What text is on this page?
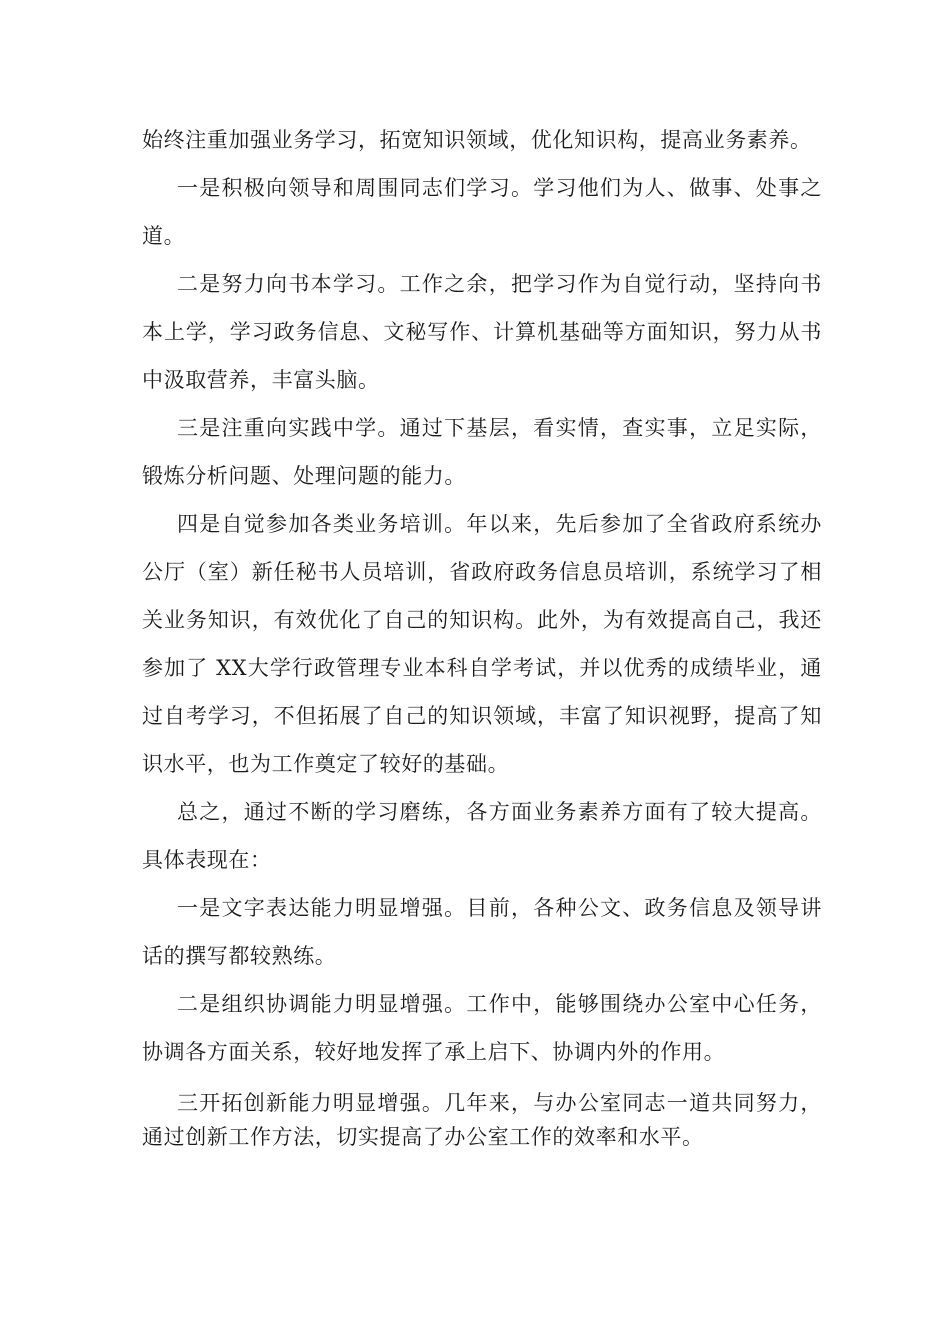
始终注重加强业务学习，拓宽知识领域，优化知识构，提高业务素养。

一是积极向领导和周围同志们学习。学习他们为人、做事、处事之道。

二是努力向书本学习。工作之余，把学习作为自觉行动，坚持向书本上学，学习政务信息、文秘写作、计算机基础等方面知识，努力从书中汲取营养，丰富头脑。

三是注重向实践中学。通过下基层，看实情，查实事，立足实际，锻炼分析问题、处理问题的能力。

四是自觉参加各类业务培训。年以来，先后参加了全省政府系统办公厅（室）新任秘书人员培训，省政府政务信息员培训，系统学习了相关业务知识，有效优化了自己的知识构。此外，为有效提高自己，我还参加了 XX大学行政管理专业本科自学考试，并以优秀的成绩毕业，通过自考学习，不但拓展了自己的知识领域，丰富了知识视野，提高了知识水平，也为工作奠定了较好的基础。

总之，通过不断的学习磨练，各方面业务素养方面有了较大提高。具体表现在：

一是文字表达能力明显增强。目前，各种公文、政务信息及领导讲话的撰写都较熟练。

二是组织协调能力明显增强。工作中，能够围绕办公室中心任务，协调各方面关系，较好地发挥了承上启下、协调内外的作用。

三开拓创新能力明显增强。几年来，与办公室同志一道共同努力，通过创新工作方法，切实提高了办公室工作的效率和水平。
